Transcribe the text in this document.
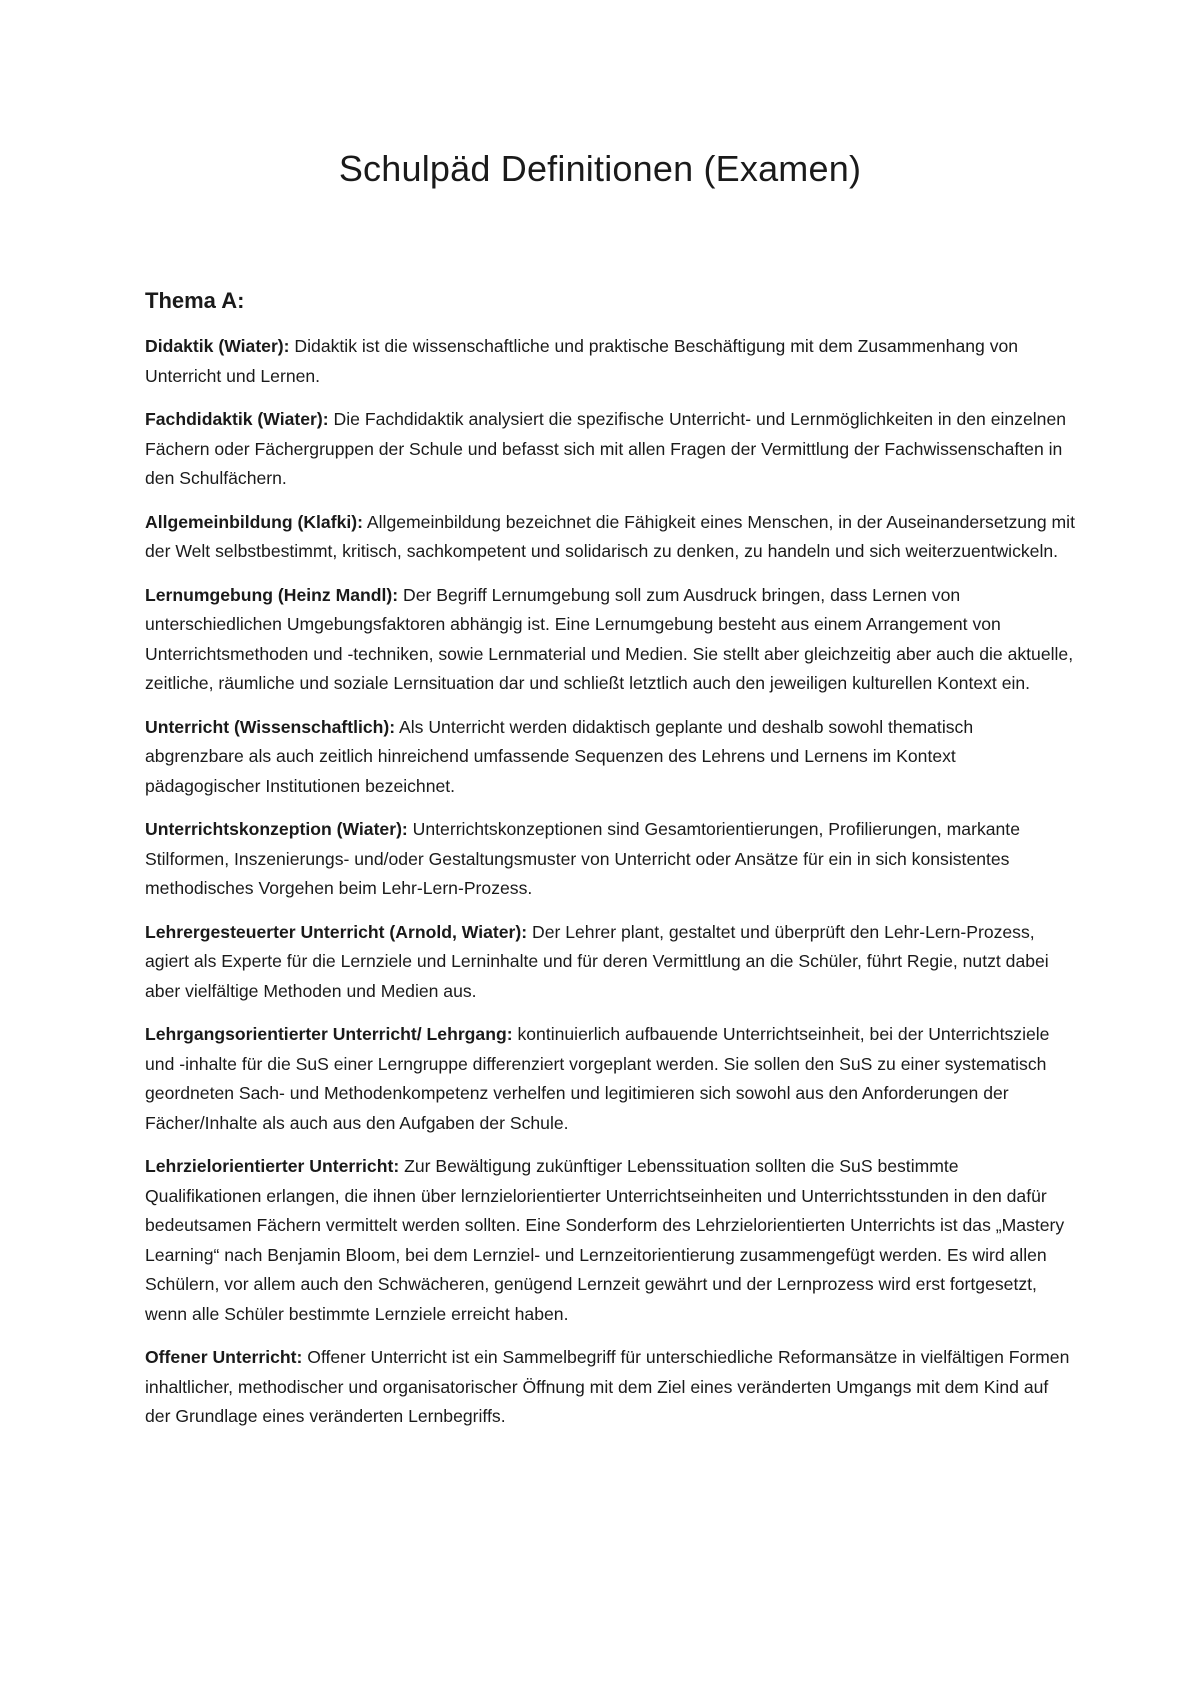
Schulpäd Definitionen (Examen)
Thema A:

Didaktik (Wiater): Didaktik ist die wissenschaftliche und praktische Beschäftigung mit dem Zusammenhang von Unterricht und Lernen.

Fachdidaktik (Wiater): Die Fachdidaktik analysiert die spezifische Unterricht- und Lernmöglichkeiten in den einzelnen Fächern oder Fächergruppen der Schule und befasst sich mit allen Fragen der Vermittlung der Fachwissenschaften in den Schulfächern.

Allgemeinbildung (Klafki): Allgemeinbildung bezeichnet die Fähigkeit eines Menschen, in der Auseinandersetzung mit der Welt selbstbestimmt, kritisch, sachkompetent und solidarisch zu denken, zu handeln und sich weiterzuentwickeln.

Lernumgebung (Heinz Mandl): Der Begriff Lernumgebung soll zum Ausdruck bringen, dass Lernen von unterschiedlichen Umgebungsfaktoren abhängig ist. Eine Lernumgebung besteht aus einem Arrangement von Unterrichtsmethoden und -techniken, sowie Lernmaterial und Medien. Sie stellt aber gleichzeitig aber auch die aktuelle, zeitliche, räumliche und soziale Lernsituation dar und schließt letztlich auch den jeweiligen kulturellen Kontext ein.

Unterricht (Wissenschaftlich): Als Unterricht werden didaktisch geplante und deshalb sowohl thematisch abgrenzbare als auch zeitlich hinreichend umfassende Sequenzen des Lehrens und Lernens im Kontext pädagogischer Institutionen bezeichnet.

Unterrichtskonzeption (Wiater): Unterrichtskonzeptionen sind Gesamtorientierungen, Profilierungen, markante Stilformen, Inszenierungs- und/oder Gestaltungsmuster von Unterricht oder Ansätze für ein in sich konsistentes methodisches Vorgehen beim Lehr-Lern-Prozess.

Lehrergesteuerter Unterricht (Arnold, Wiater): Der Lehrer plant, gestaltet und überprüft den Lehr-Lern-Prozess, agiert als Experte für die Lernziele und Lerninhalte und für deren Vermittlung an die Schüler, führt Regie, nutzt dabei aber vielfältige Methoden und Medien aus.

Lehrgangsorientierter Unterricht/ Lehrgang: kontinuierlich aufbauende Unterrichtseinheit, bei der Unterrichtsziele und -inhalte für die SuS einer Lerngruppe differenziert vorgeplant werden. Sie sollen den SuS zu einer systematisch geordneten Sach- und Methodenkompetenz verhelfen und legitimieren sich sowohl aus den Anforderungen der Fächer/Inhalte als auch aus den Aufgaben der Schule.

Lehrzielorientierter Unterricht: Zur Bewältigung zukünftiger Lebenssituation sollten die SuS bestimmte Qualifikationen erlangen, die ihnen über lernzielorientierter Unterrichtseinheiten und Unterrichtsstunden in den dafür bedeutsamen Fächern vermittelt werden sollten. Eine Sonderform des Lehrzielorientierten Unterrichts ist das „Mastery Learning“ nach Benjamin Bloom, bei dem Lernziel- und Lernzeitorientierung zusammengefügt werden. Es wird allen Schülern, vor allem auch den Schwächeren, genügend Lernzeit gewährt und der Lernprozess wird erst fortgesetzt, wenn alle Schüler bestimmte Lernziele erreicht haben.

Offener Unterricht: Offener Unterricht ist ein Sammelbegriff für unterschiedliche Reformansätze in vielfältigen Formen inhaltlicher, methodischer und organisatorischer Öffnung mit dem Ziel eines veränderten Umgangs mit dem Kind auf der Grundlage eines veränderten Lernbegriffs.
